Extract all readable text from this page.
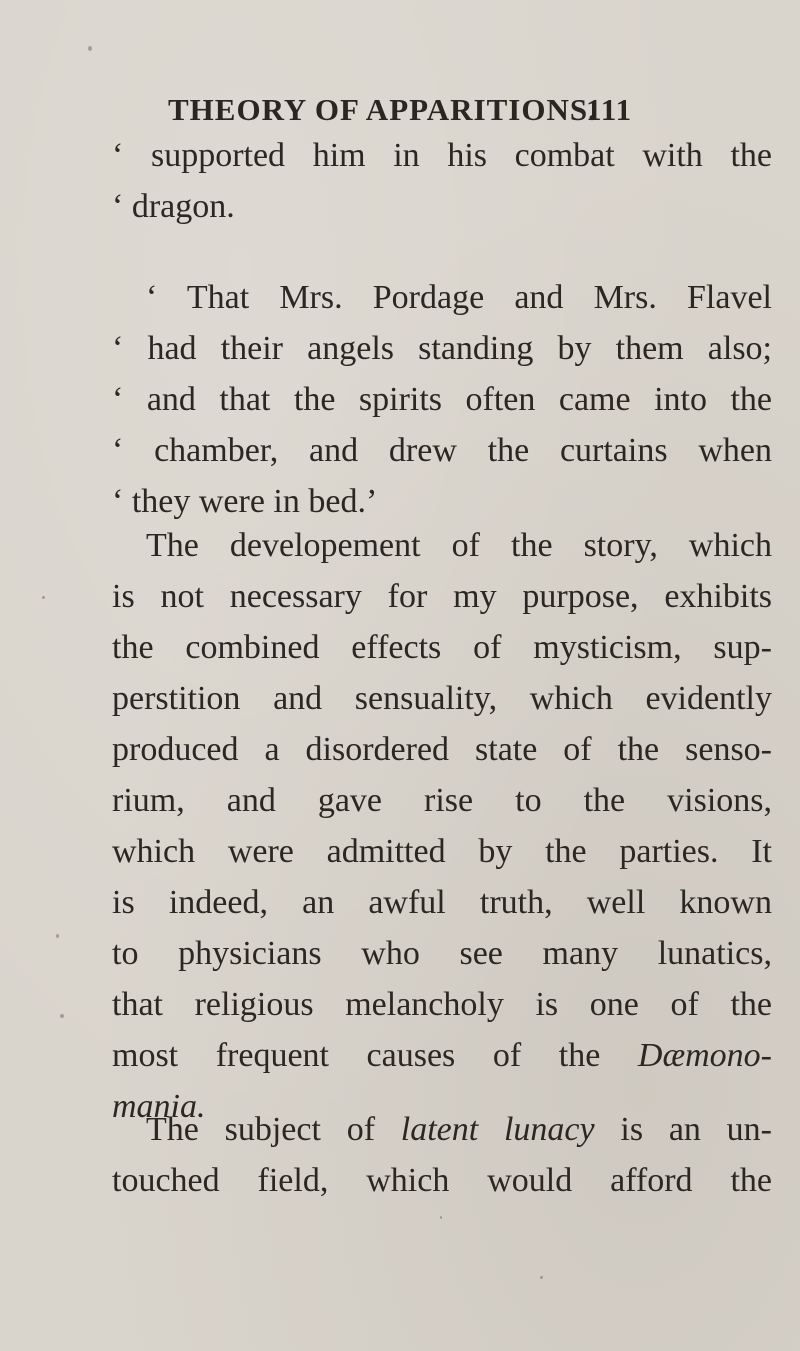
THEORY OF APPARITIONS.
111
‘ supported him in his combat with the
‘ dragon.
‘ That Mrs. Pordage and Mrs. Flavel
‘ had their angels standing by them also;
‘ and that the spirits often came into the
‘ chamber, and drew the curtains when
‘ they were in bed.’
The developement of the story, which
is not necessary for my purpose, exhibits
the combined effects of mysticism, sup-
perstition and sensuality, which evidently
produced a disordered state of the senso-
rium, and gave rise to the visions,
which were admitted by the parties. It
is indeed, an awful truth, well known
to physicians who see many lunatics,
that religious melancholy is one of the
most frequent causes of the Dæmono-
mania.
The subject of latent lunacy is an un-
touched field, which would afford the
